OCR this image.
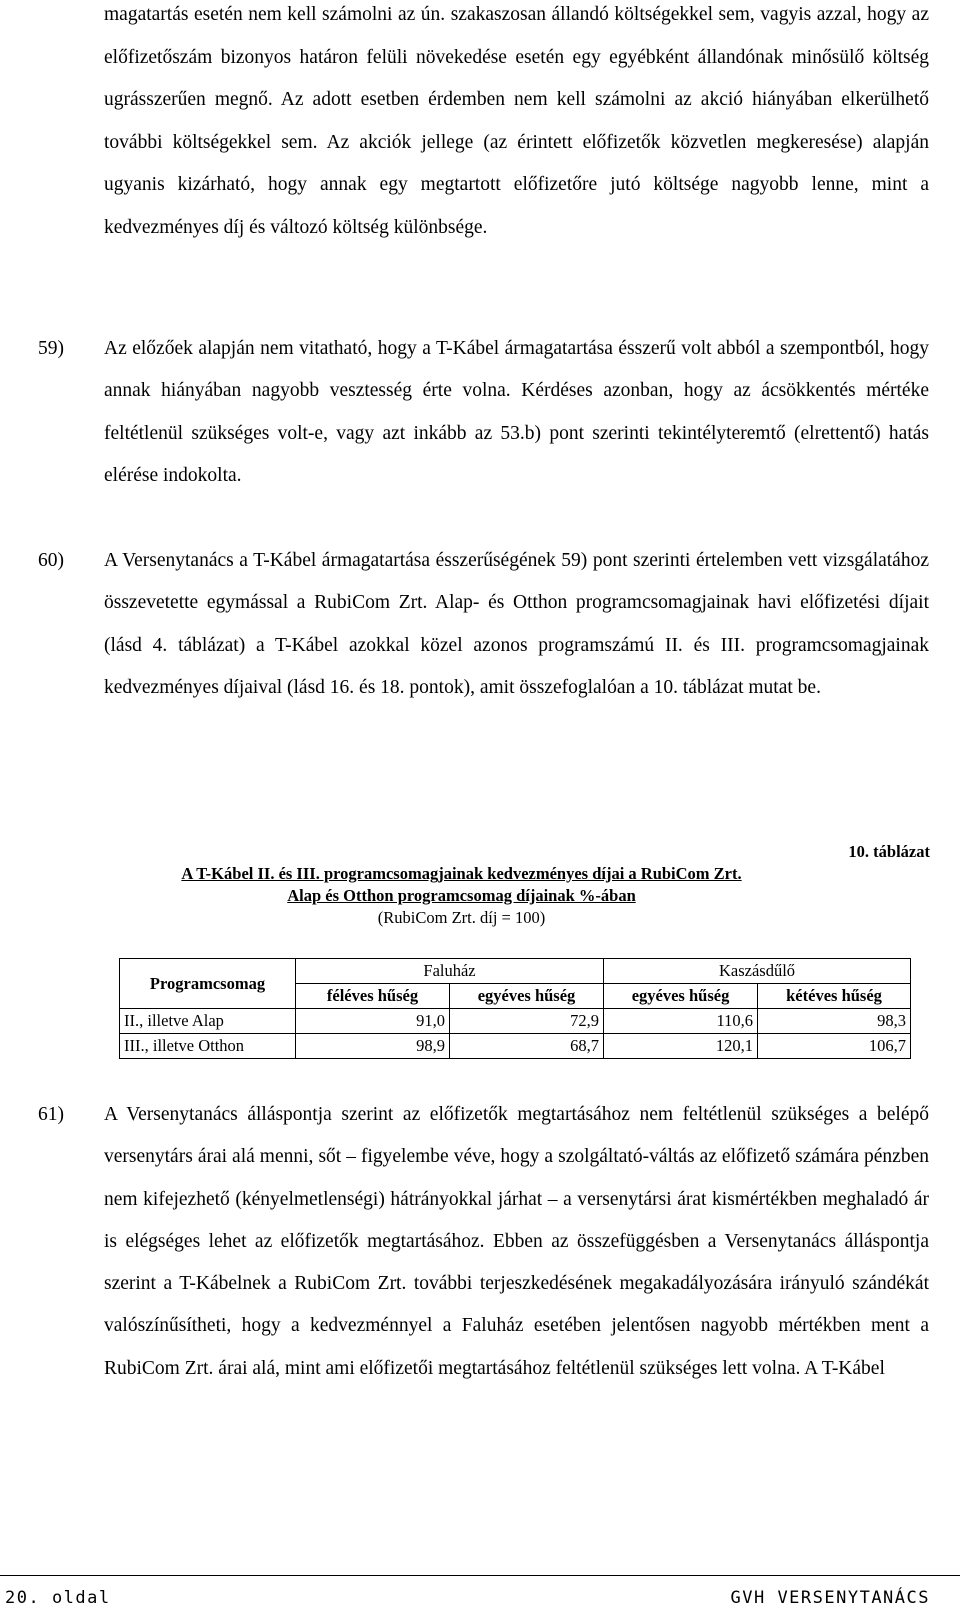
magatartás esetén nem kell számolni az ún. szakaszosan állandó költségekkel sem, vagyis azzal, hogy az előfizetőszám bizonyos határon felüli növekedése esetén egy egyébként állandónak minősülő költség ugrásszerűen megnő. Az adott esetben érdemben nem kell számolni az akció hiányában elkerülhető további költségekkel sem. Az akciók jellege (az érintett előfizetők közvetlen megkeresése) alapján ugyanis kizárható, hogy annak egy megtartott előfizetőre jutó költsége nagyobb lenne, mint a kedvezményes díj és változó költség különbsége.

59) Az előzőek alapján nem vitatható, hogy a T-Kábel ármagatartása ésszerű volt abból a szempontból, hogy annak hiányában nagyobb vesztesség érte volna. Kérdéses azonban, hogy az ácsökkentés mértéke feltétlenül szükséges volt-e, vagy azt inkább az 53.b) pont szerinti tekintélyteremtő (elrettentő) hatás elérése indokolta.

60) A Versenytanács a T-Kábel ármagatartása ésszerűségének 59) pont szerinti értelemben vett vizsgálatához összevetette egymással a RubiCom Zrt. Alap- és Otthon programcsomagjainak havi előfizetési díjait (lásd 4. táblázat) a T-Kábel azokkal közel azonos programszámú II. és III. programcsomagjainak kedvezményes díjaival (lásd 16. és 18. pontok), amit összefoglalóan a 10. táblázat mutat be.

10. táblázat
A T-Kábel II. és III. programcsomagjainak kedvezményes díjai a RubiCom Zrt.
Alap és Otthon programcsomag díjainak %-ában
(RubiCom Zrt. díj = 100)
Programcsomag	Faluház		Kaszásdűlő	
	féléves hűség	egyéves hűség	egyéves hűség	kétéves hűség
II., illetve Alap	91,0	72,9	110,6	98,3
III., illetve Otthon	98,9	68,7	120,1	106,7
61) A Versenytanács álláspontja szerint az előfizetők megtartásához nem feltétlenül szükséges a belépő versenytárs árai alá menni, sőt – figyelembe véve, hogy a szolgáltató-váltás az előfizető számára pénzben nem kifejezhető (kényelmetlenségi) hátrányokkal járhat – a versenytársi árat kismértékben meghaladó ár is elégséges lehet az előfizetők megtartásához. Ebben az összefüggésben a Versenytanács álláspontja szerint a T-Kábelnek a RubiCom Zrt. további terjeszkedésének megakadályozására irányuló szándékát valószínűsítheti, hogy a kedvezménnyel a Faluház esetében jelentősen nagyobb mértékben ment a RubiCom Zrt. árai alá, mint ami előfizetői megtartásához feltétlenül szükséges lett volna. A T-Kábel

20. oldal	GVH VERSENYTANÁCS
